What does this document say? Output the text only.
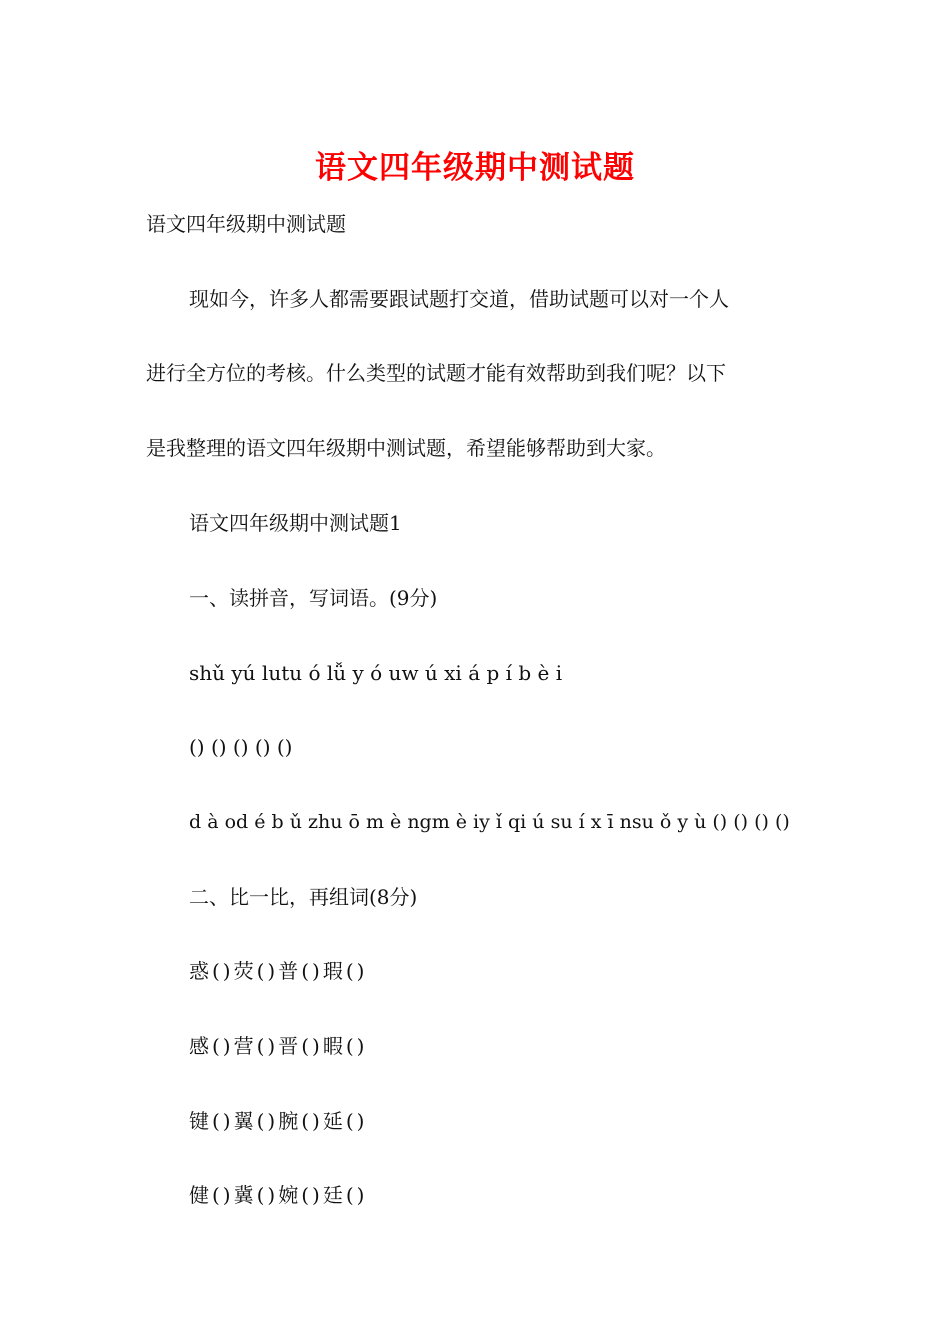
语文四年级期中测试题
语文四年级期中测试题
现如今，许多人都需要跟试题打交道，借助试题可以对一个人
进行全方位的考核。什么类型的试题才能有效帮助到我们呢？以下
是我整理的语文四年级期中测试题，希望能够帮助到大家。
语文四年级期中测试题1
一、读拼音，写词语。(9分)
shǔ yú lutu ó lǚ y ó uw ú xi á p í b è i
() () () () ()
d à od é b ǔ zhu ō m è ngm è iy ǐ qi ú su í x ī nsu ǒ y ù () () () ()
二、比一比，再组词(8分)
惑()荧()普()瑕()
感()营()晋()暇()
键()翼()腕()延()
健()冀()婉()廷()
